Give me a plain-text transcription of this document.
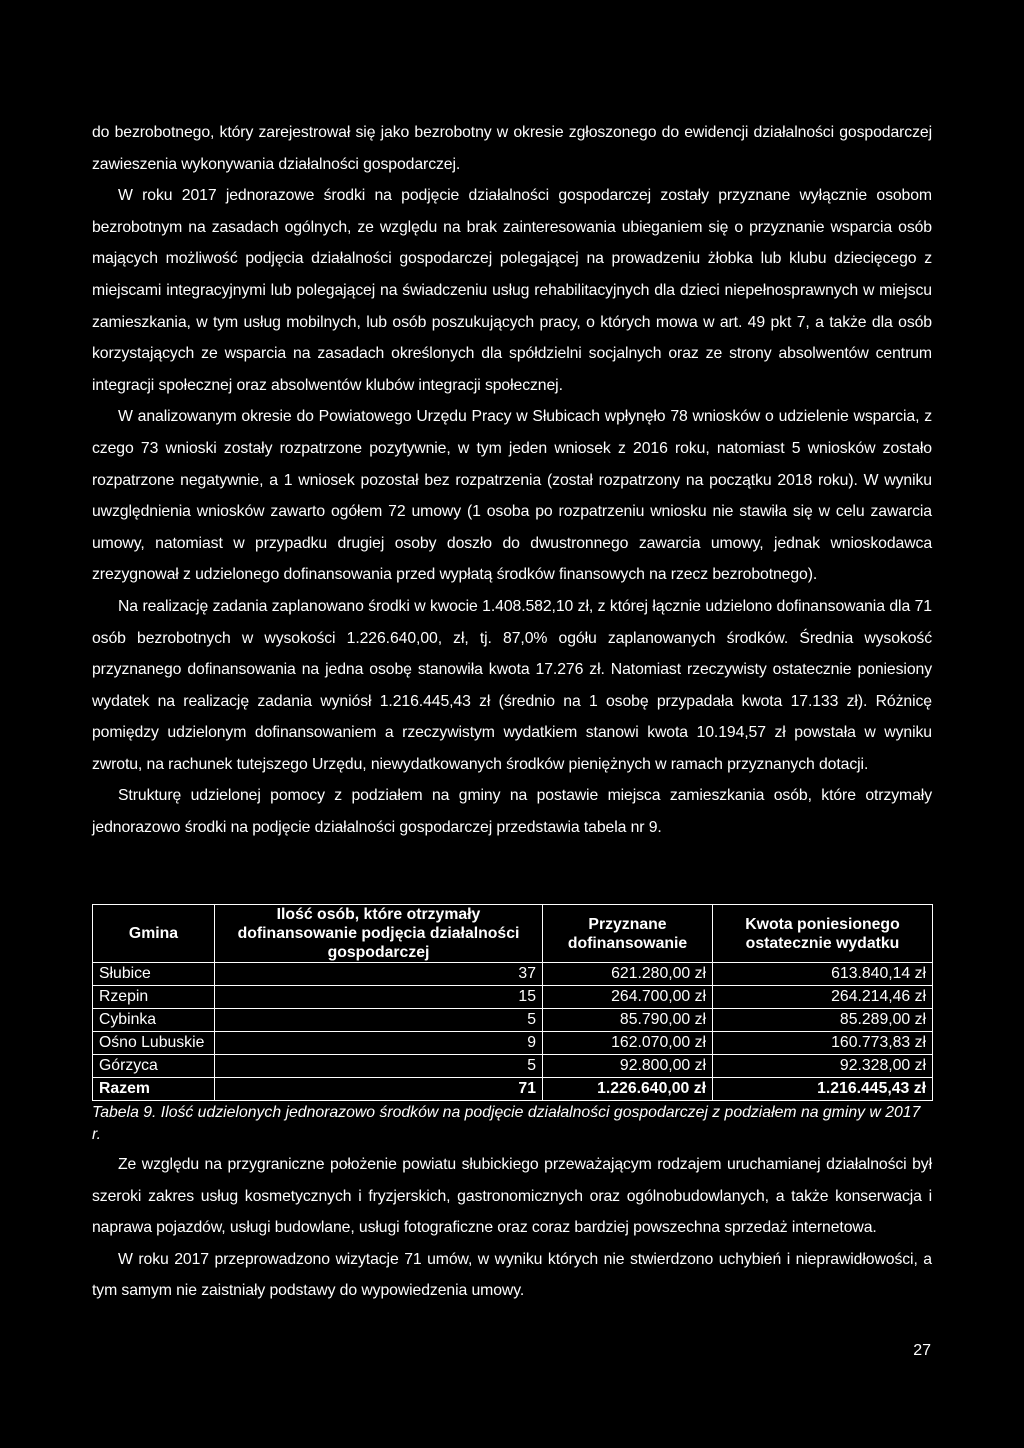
do bezrobotnego, który zarejestrował się jako bezrobotny w okresie zgłoszonego do ewidencji działalności gospodarczej zawieszenia wykonywania działalności gospodarczej.

W roku 2017 jednorazowe środki na podjęcie działalności gospodarczej zostały przyznane wyłącznie osobom bezrobotnym na zasadach ogólnych, ze względu na brak zainteresowania ubieganiem się o przyznanie wsparcia osób mających możliwość podjęcia działalności gospodarczej polegającej na prowadzeniu żłobka lub klubu dziecięcego z miejscami integracyjnymi lub polegającej na świadczeniu usług rehabilitacyjnych dla dzieci niepełnosprawnych w miejscu zamieszkania, w tym usług mobilnych, lub osób poszukujących pracy, o których mowa w art. 49 pkt 7, a także dla osób korzystających ze wsparcia na zasadach określonych dla spółdzielni socjalnych oraz ze strony absolwentów centrum integracji społecznej oraz absolwentów klubów integracji społecznej.

W analizowanym okresie do Powiatowego Urzędu Pracy w Słubicach wpłynęło 78 wniosków o udzielenie wsparcia, z czego 73 wnioski zostały rozpatrzone pozytywnie, w tym jeden wniosek z 2016 roku, natomiast 5 wniosków zostało rozpatrzone negatywnie, a 1 wniosek pozostał bez rozpatrzenia (został rozpatrzony na początku 2018 roku). W wyniku uwzględnienia wniosków zawarto ogółem 72 umowy (1 osoba po rozpatrzeniu wniosku nie stawiła się w celu zawarcia umowy, natomiast w przypadku drugiej osoby doszło do dwustronnego zawarcia umowy, jednak wnioskodawca zrezygnował z udzielonego dofinansowania przed wypłatą środków finansowych na rzecz bezrobotnego).

Na realizację zadania zaplanowano środki w kwocie 1.408.582,10 zł, z której łącznie udzielono dofinansowania dla 71 osób bezrobotnych w wysokości 1.226.640,00, zł, tj. 87,0% ogółu zaplanowanych środków. Średnia wysokość przyznanego dofinansowania na jedna osobę stanowiła kwota 17.276 zł. Natomiast rzeczywisty ostatecznie poniesiony wydatek na realizację zadania wyniósł 1.216.445,43 zł (średnio na 1 osobę przypadała kwota 17.133 zł). Różnicę pomiędzy udzielonym dofinansowaniem a rzeczywistym wydatkiem stanowi kwota 10.194,57 zł powstała w wyniku zwrotu, na rachunek tutejszego Urzędu, niewydatkowanych środków pieniężnych w ramach przyznanych dotacji.

Strukturę udzielonej pomocy z podziałem na gminy na postawie miejsca zamieszkania osób, które otrzymały jednorazowo środki na podjęcie działalności gospodarczej przedstawia tabela nr 9.

Gmina	Ilość osób, które otrzymały dofinansowanie podjęcia działalności gospodarczej	Przyznane dofinansowanie	Kwota poniesionego ostatecznie wydatku
Słubice	37	621.280,00 zł	613.840,14 zł
Rzepin	15	264.700,00 zł	264.214,46 zł
Cybinka	5	85.790,00 zł	85.289,00 zł
Ośno Lubuskie	9	162.070,00 zł	160.773,83 zł
Górzyca	5	92.800,00 zł	92.328,00 zł
Razem	71	1.226.640,00 zł	1.216.445,43 zł
Tabela 9. Ilość udzielonych jednorazowo środków na podjęcie działalności gospodarczej z podziałem na gminy w 2017 r.

Ze względu na przygraniczne położenie powiatu słubickiego przeważającym rodzajem uruchamianej działalności był szeroki zakres usług kosmetycznych i fryzjerskich, gastronomicznych oraz ogólnobudowlanych, a także konserwacja i naprawa pojazdów, usługi budowlane, usługi fotograficzne oraz coraz bardziej powszechna sprzedaż internetowa.

W roku 2017 przeprowadzono wizytacje 71 umów, w wyniku których nie stwierdzono uchybień i nieprawidłowości, a tym samym nie zaistniały podstawy do wypowiedzenia umowy.

27
